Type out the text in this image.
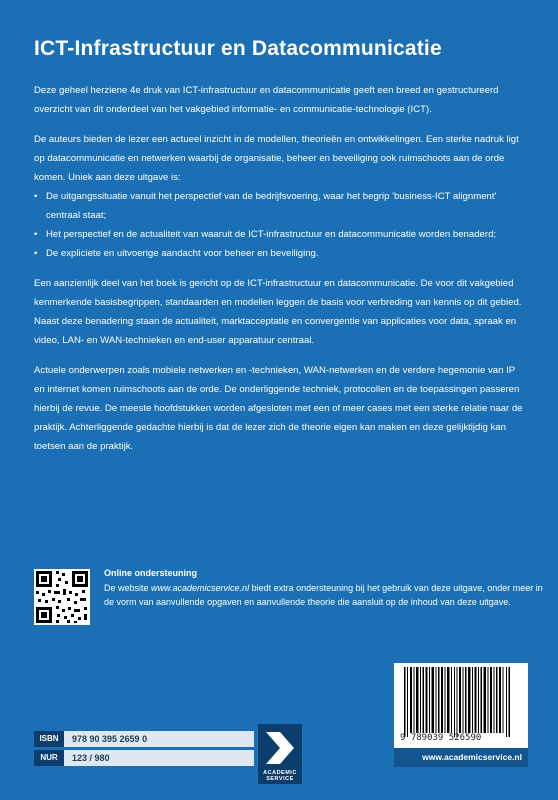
ICT-Infrastructuur en Datacommunicatie

Deze geheel herziene 4e druk van ICT-infrastructuur en datacommunicatie geeft een breed en gestructureerd overzicht van dit onderdeel van het vakgebied informatie- en communicatie-technologie (ICT).

De auteurs bieden de lezer een actueel inzicht in de modellen, theorieën en ontwikkelingen. Een sterke nadruk ligt op datacommunicatie en netwerken waarbij de organisatie, beheer en beveiliging ook ruimschoots aan de orde komen. Uniek aan deze uitgave is:

• De uitgangssituatie vanuit het perspectief van de bedrijfsvoering, waar het begrip 'business-ICT alignment' centraal staat;
• Het perspectief en de actualiteit van waaruit de ICT-infrastructuur en datacommunicatie worden benaderd;
• De expliciete en uitvoerige aandacht voor beheer en beveiliging.

Een aanzienlijk deel van het boek is gericht op de ICT-infrastructuur en datacommunicatie. De voor dit vakgebied kenmerkende basisbegrippen, standaarden en modellen leggen de basis voor verbreding van kennis op dit gebied. Naast deze benadering staan de actualiteit, marktacceptatie en convergentie van applicaties voor data, spraak en video, LAN- en WAN-technieken en end-user apparatuur centraal.

Actuele onderwerpen zoals mobiele netwerken en -technieken, WAN-netwerken en de verdere hegemonie van IP en internet komen ruimschoots aan de orde. De onderliggende techniek, protocollen en de toepassingen passeren hierbij de revue. De meeste hoofdstukken worden afgesloten met een of meer cases met een sterke relatie naar de praktijk. Achterliggende gedachte hierbij is dat de lezer zich de theorie eigen kan maken en deze gelijktijdig kan toetsen aan de praktijk.

Online ondersteuning
De website www.academicservice.nl biedt extra ondersteuning bij het gebruik van deze uitgave, onder meer in de vorm van aanvullende opgaven en aanvullende theorie die aansluit op de inhoud van deze uitgave.
9 789039 526590
www.academicservice.nl
ISBN	978 90 395 2659 0
NUR	123 / 980
ACADEMIC
SERVICE
